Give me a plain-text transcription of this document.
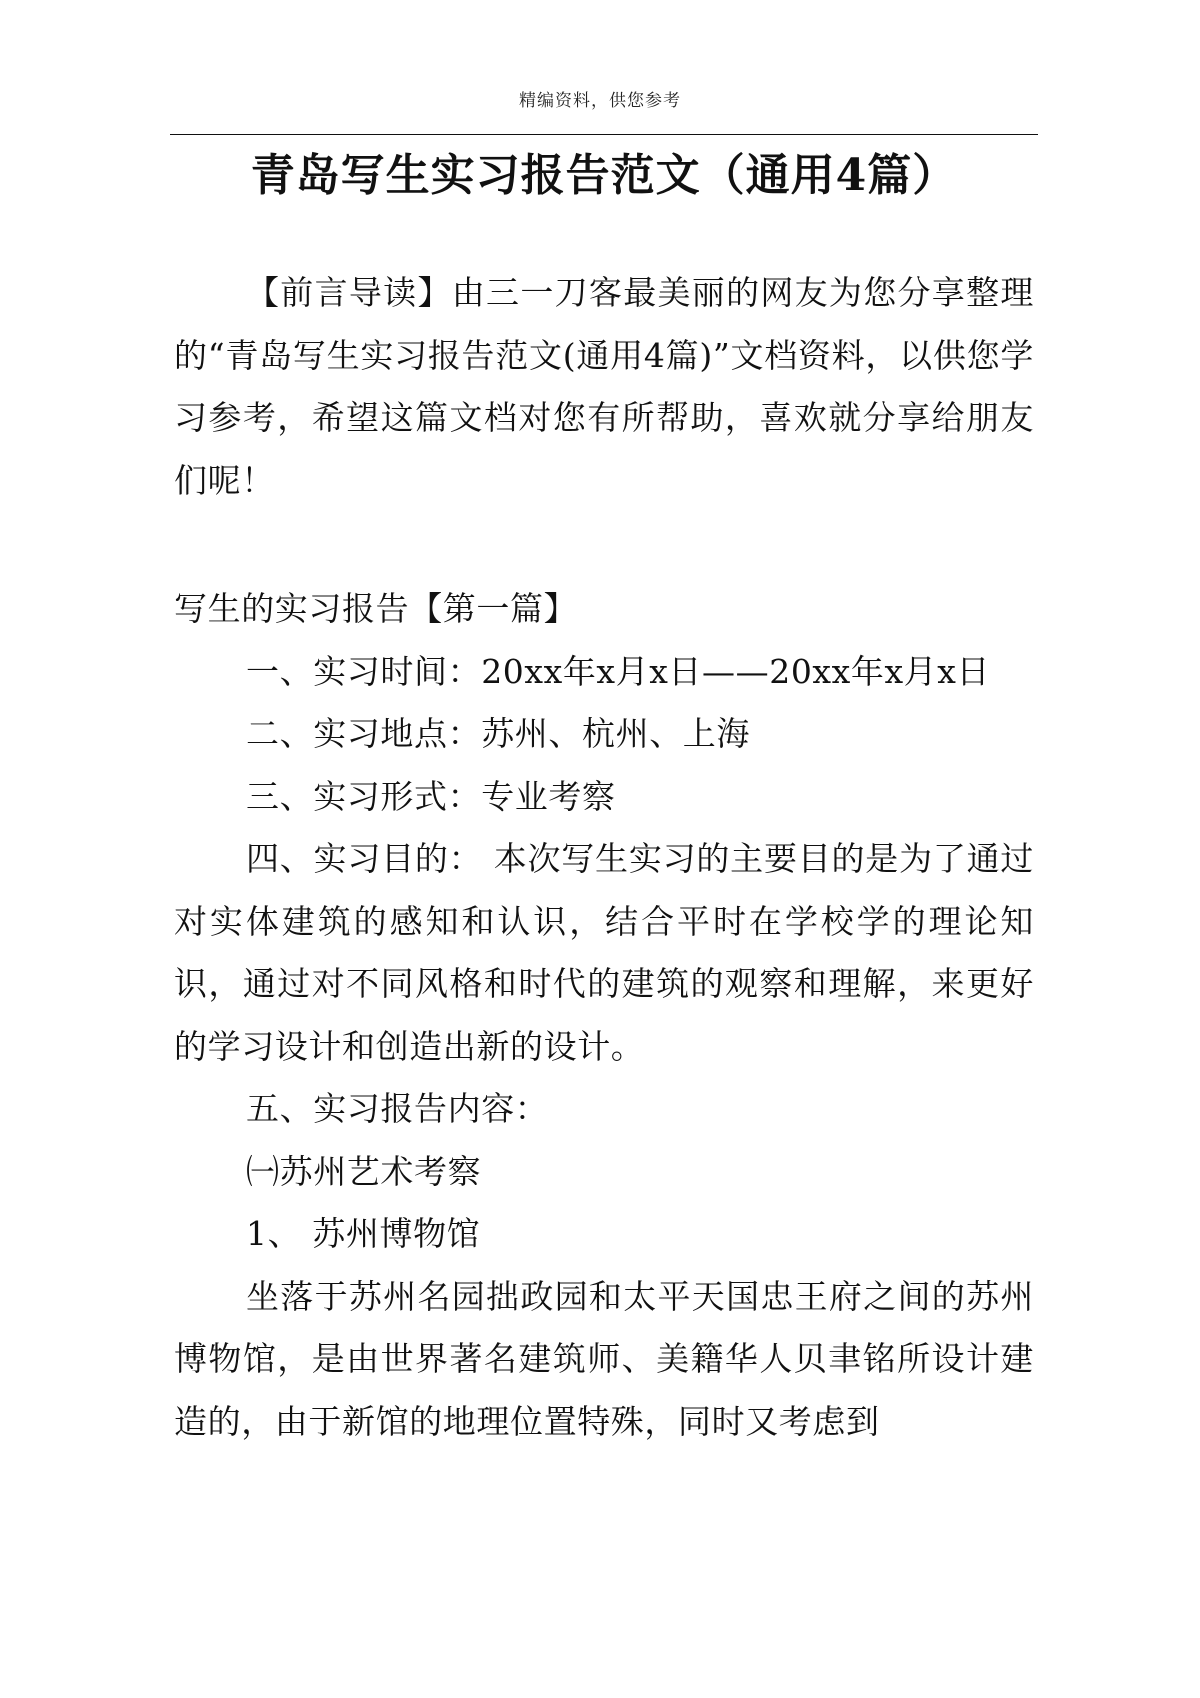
精编资料，供您参考
青岛写生实习报告范文（通用4篇）

【前言导读】由三一刀客最美丽的网友为您分享整理的“青岛写生实习报告范文(通用4篇)”文档资料，以供您学习参考，希望这篇文档对您有所帮助，喜欢就分享给朋友们呢！

写生的实习报告【第一篇】

一、实习时间：20xx年x月x日——20xx年x月x日

二、实习地点：苏州、杭州、上海

三、实习形式：专业考察

四、实习目的： 本次写生实习的主要目的是为了通过对实体建筑的感知和认识，结合平时在学校学的理论知识，通过对不同风格和时代的建筑的观察和理解，来更好的学习设计和创造出新的设计。

五、实习报告内容：

㈠苏州艺术考察

1、 苏州博物馆

坐落于苏州名园拙政园和太平天国忠王府之间的苏州博物馆，是由世界著名建筑师、美籍华人贝聿铭所设计建造的，由于新馆的地理位置特殊，同时又考虑到
